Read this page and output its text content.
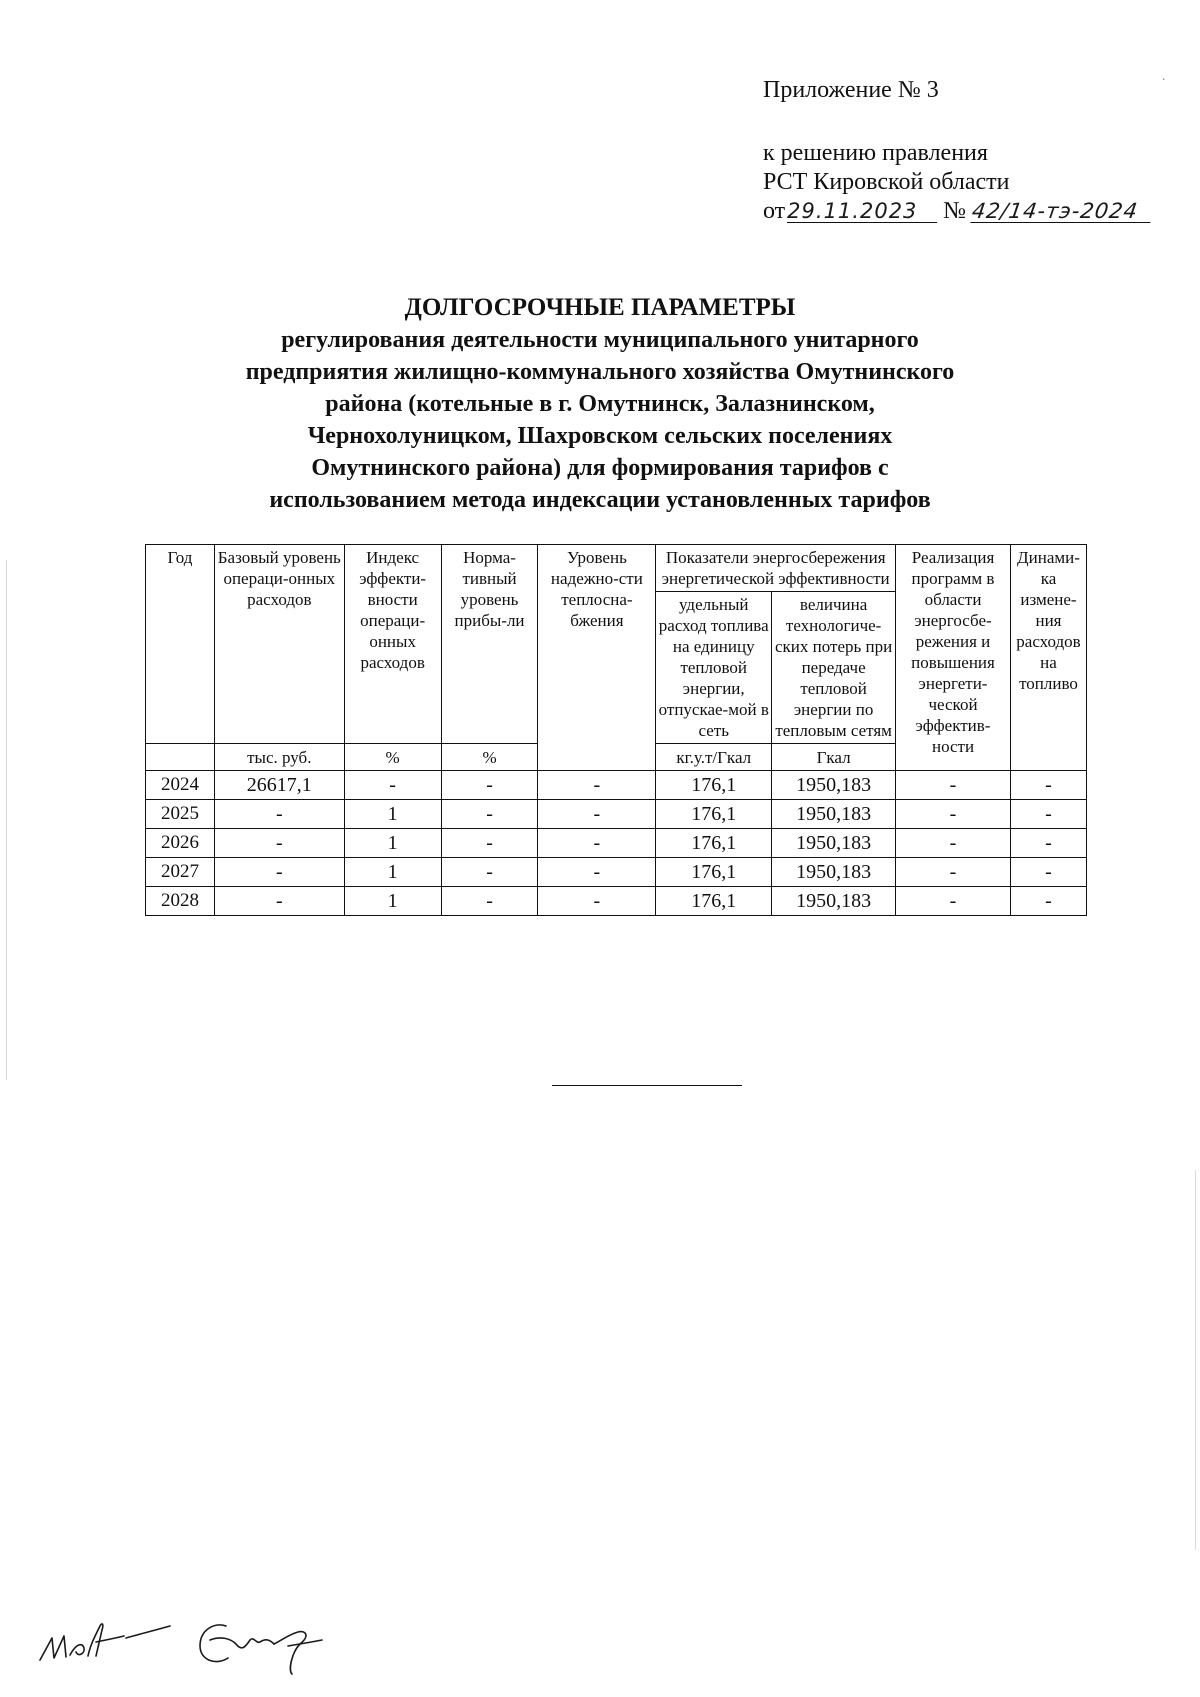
·
Приложение № 3
к решению правления
РСТ Кировской области
от29.11.2023 № 42/14-тэ-2024
ДОЛГОСРОЧНЫЕ ПАРАМЕТРЫ
регулирования деятельности муниципального унитарного
предприятия жилищно-коммунального хозяйства Омутнинского
района (котельные в г. Омутнинск, Залазнинском,
Чернохолуницком, Шахровском сельских поселениях
Омутнинского района) для формирования тарифов с
использованием метода индексации установленных тарифов
Год	Базовый уровень операци-онных расходов	Индекс эффекти-вности операци-онных расходов	Норма-тивный уровень прибы-ли	Уровень надежно-сти теплосна-бжения	Показатели энергосбережения энергетической эффективности		Реализация программ в области энергосбе-режения и повышения энергети-ческой эффектив-ности	Динами-ка измене-ния расходов на топливо
					удельный расход топлива на единицу тепловой энергии, отпускае-мой в сеть	величина технологиче-ских потерь при передаче тепловой энергии по тепловым сетям		
	тыс. руб.	%	%		кг.у.т/Гкал	Гкал		
2024	26617,1	-	-	-	176,1	1950,183	-	-
2025	-	1	-	-	176,1	1950,183	-	-
2026	-	1	-	-	176,1	1950,183	-	-
2027	-	1	-	-	176,1	1950,183	-	-
2028	-	1	-	-	176,1	1950,183	-	-
